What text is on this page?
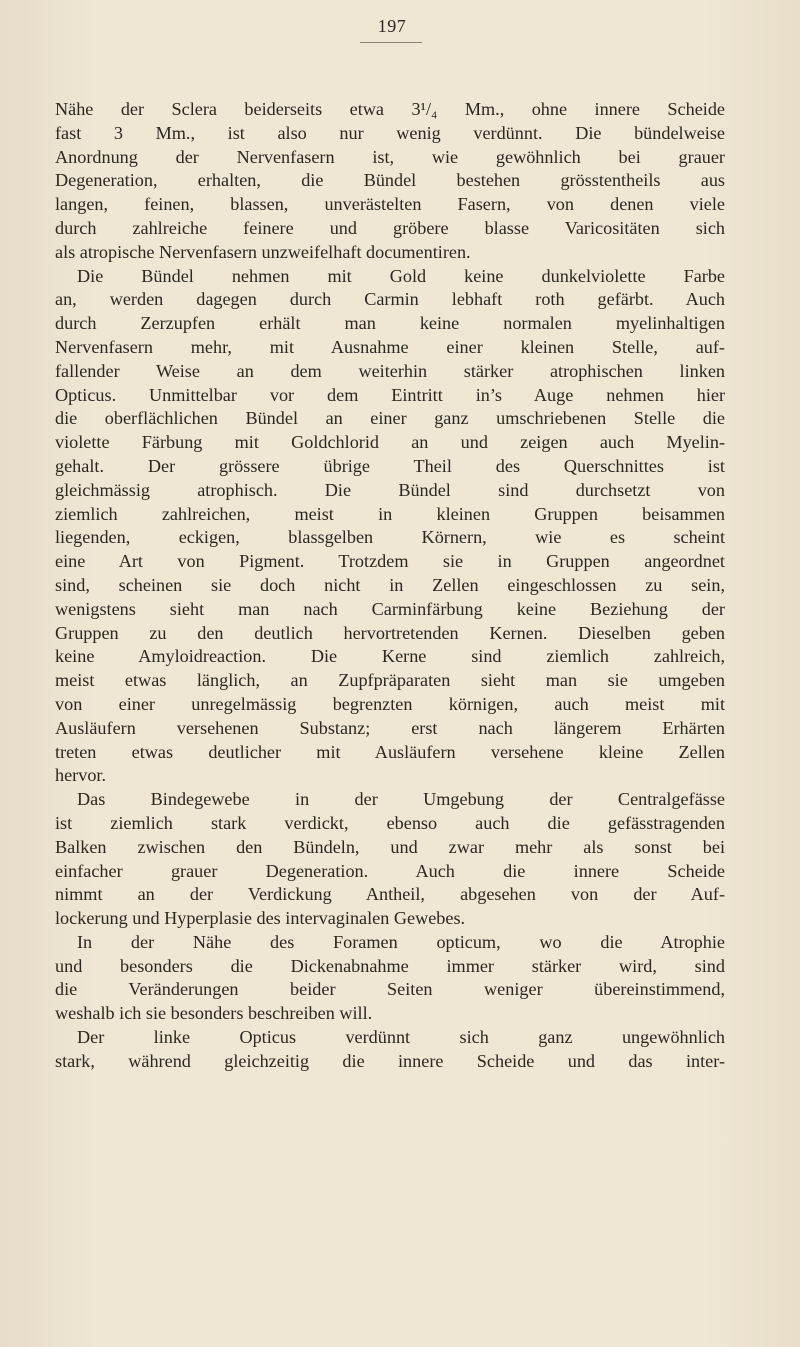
197
Nähe der Sclera beiderseits etwa 3¹/₄ Mm., ohne innere Scheide
fast 3 Mm., ist also nur wenig verdünnt. Die bündelweise
Anordnung der Nervenfasern ist, wie gewöhnlich bei grauer
Degeneration, erhalten, die Bündel bestehen grösstentheils aus
langen, feinen, blassen, unverästelten Fasern, von denen viele
durch zahlreiche feinere und gröbere blasse Varicositäten sich
als atropische Nervenfasern unzweifelhaft documentiren.
Die Bündel nehmen mit Gold keine dunkelviolette Farbe
an, werden dagegen durch Carmin lebhaft roth gefärbt. Auch
durch Zerzupfen erhält man keine normalen myelinhaltigen
Nervenfasern mehr, mit Ausnahme einer kleinen Stelle, auf-
fallender Weise an dem weiterhin stärker atrophischen linken
Opticus. Unmittelbar vor dem Eintritt in’s Auge nehmen hier
die oberflächlichen Bündel an einer ganz umschriebenen Stelle die
violette Färbung mit Goldchlorid an und zeigen auch Myelin-
gehalt. Der grössere übrige Theil des Querschnittes ist
gleichmässig atrophisch. Die Bündel sind durchsetzt von
ziemlich zahlreichen, meist in kleinen Gruppen beisammen
liegenden, eckigen, blassgelben Körnern, wie es scheint
eine Art von Pigment. Trotzdem sie in Gruppen angeordnet
sind, scheinen sie doch nicht in Zellen eingeschlossen zu sein,
wenigstens sieht man nach Carminfärbung keine Beziehung der
Gruppen zu den deutlich hervortretenden Kernen. Dieselben geben
keine Amyloidreaction. Die Kerne sind ziemlich zahlreich,
meist etwas länglich, an Zupfpräparaten sieht man sie umgeben
von einer unregelmässig begrenzten körnigen, auch meist mit
Ausläufern versehenen Substanz; erst nach längerem Erhärten
treten etwas deutlicher mit Ausläufern versehene kleine Zellen
hervor.
Das Bindegewebe in der Umgebung der Centralgefässe
ist ziemlich stark verdickt, ebenso auch die gefässtragenden
Balken zwischen den Bündeln, und zwar mehr als sonst bei
einfacher grauer Degeneration. Auch die innere Scheide
nimmt an der Verdickung Antheil, abgesehen von der Auf-
lockerung und Hyperplasie des intervaginalen Gewebes.
In der Nähe des Foramen opticum, wo die Atrophie
und besonders die Dickenabnahme immer stärker wird, sind
die Veränderungen beider Seiten weniger übereinstimmend,
weshalb ich sie besonders beschreiben will.
Der linke Opticus verdünnt sich ganz ungewöhnlich
stark, während gleichzeitig die innere Scheide und das inter-
